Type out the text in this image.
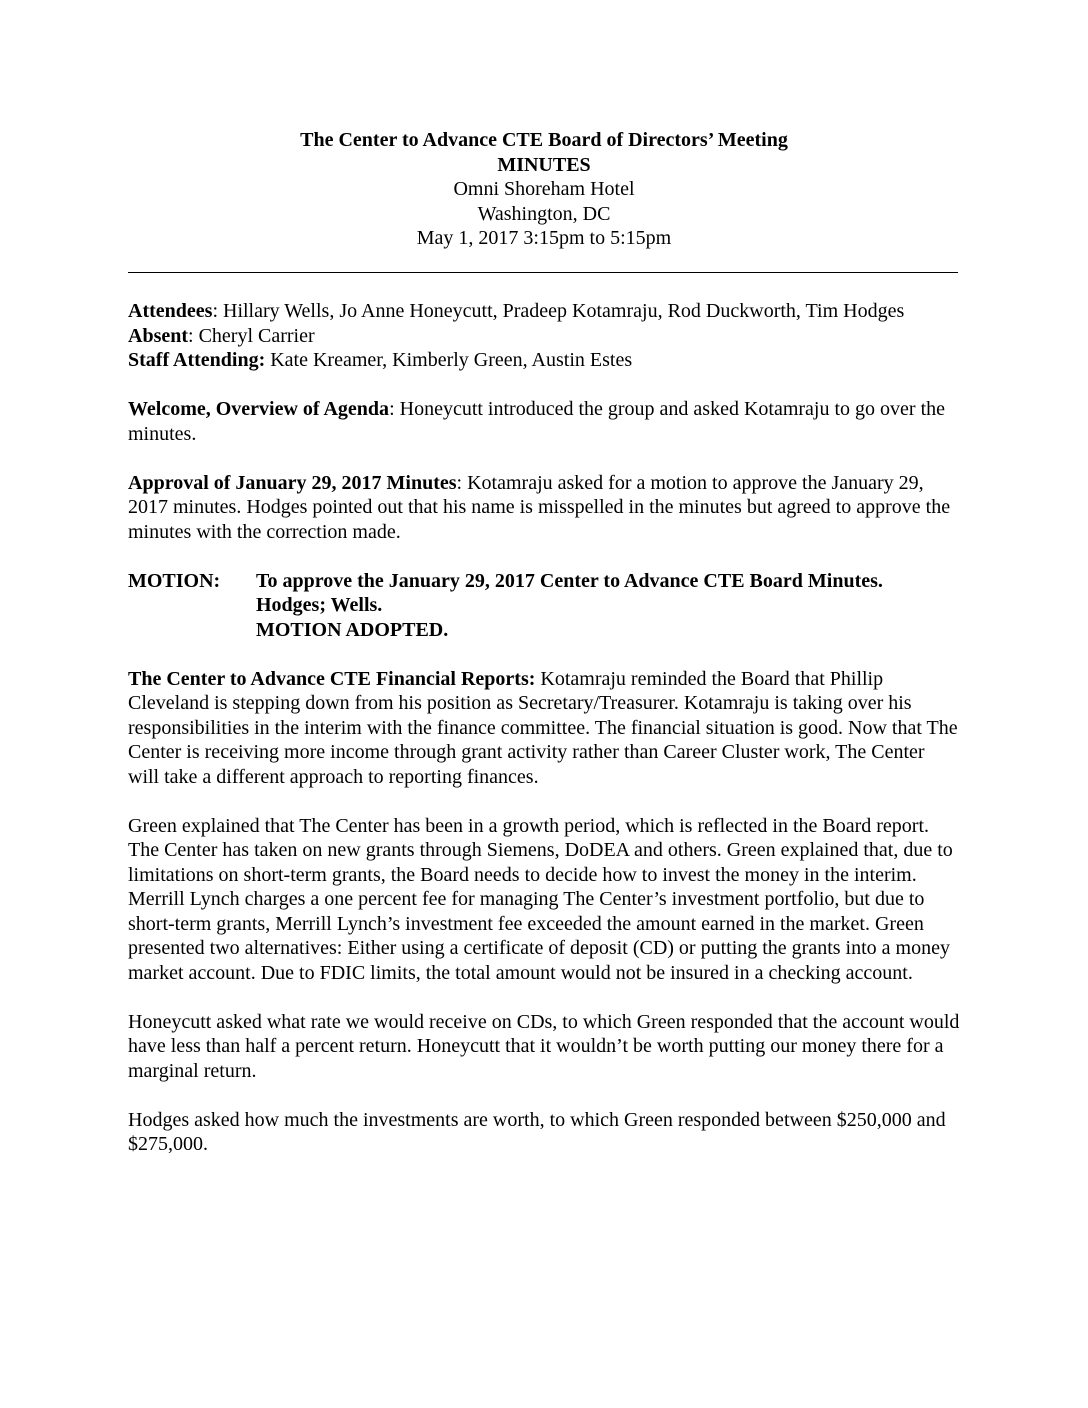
The Center to Advance CTE Board of Directors’ Meeting
MINUTES
Omni Shoreham Hotel
Washington, DC
May 1, 2017 3:15pm to 5:15pm

Attendees: Hillary Wells, Jo Anne Honeycutt, Pradeep Kotamraju, Rod Duckworth, Tim Hodges
Absent: Cheryl Carrier
Staff Attending: Kate Kreamer, Kimberly Green, Austin Estes

Welcome, Overview of Agenda: Honeycutt introduced the group and asked Kotamraju to go over the minutes.

Approval of January 29, 2017 Minutes: Kotamraju asked for a motion to approve the January 29, 2017 minutes. Hodges pointed out that his name is misspelled in the minutes but agreed to approve the minutes with the correction made.

MOTION:	To approve the January 29, 2017 Center to Advance CTE Board Minutes.
Hodges; Wells.
MOTION ADOPTED.

The Center to Advance CTE Financial Reports: Kotamraju reminded the Board that Phillip Cleveland is stepping down from his position as Secretary/Treasurer. Kotamraju is taking over his responsibilities in the interim with the finance committee. The financial situation is good. Now that The Center is receiving more income through grant activity rather than Career Cluster work, The Center will take a different approach to reporting finances.

Green explained that The Center has been in a growth period, which is reflected in the Board report. The Center has taken on new grants through Siemens, DoDEA and others. Green explained that, due to limitations on short-term grants, the Board needs to decide how to invest the money in the interim. Merrill Lynch charges a one percent fee for managing The Center’s investment portfolio, but due to short-term grants, Merrill Lynch’s investment fee exceeded the amount earned in the market. Green presented two alternatives: Either using a certificate of deposit (CD) or putting the grants into a money market account. Due to FDIC limits, the total amount would not be insured in a checking account.

Honeycutt asked what rate we would receive on CDs, to which Green responded that the account would have less than half a percent return. Honeycutt that it wouldn’t be worth putting our money there for a marginal return.

Hodges asked how much the investments are worth, to which Green responded between $250,000 and $275,000.
